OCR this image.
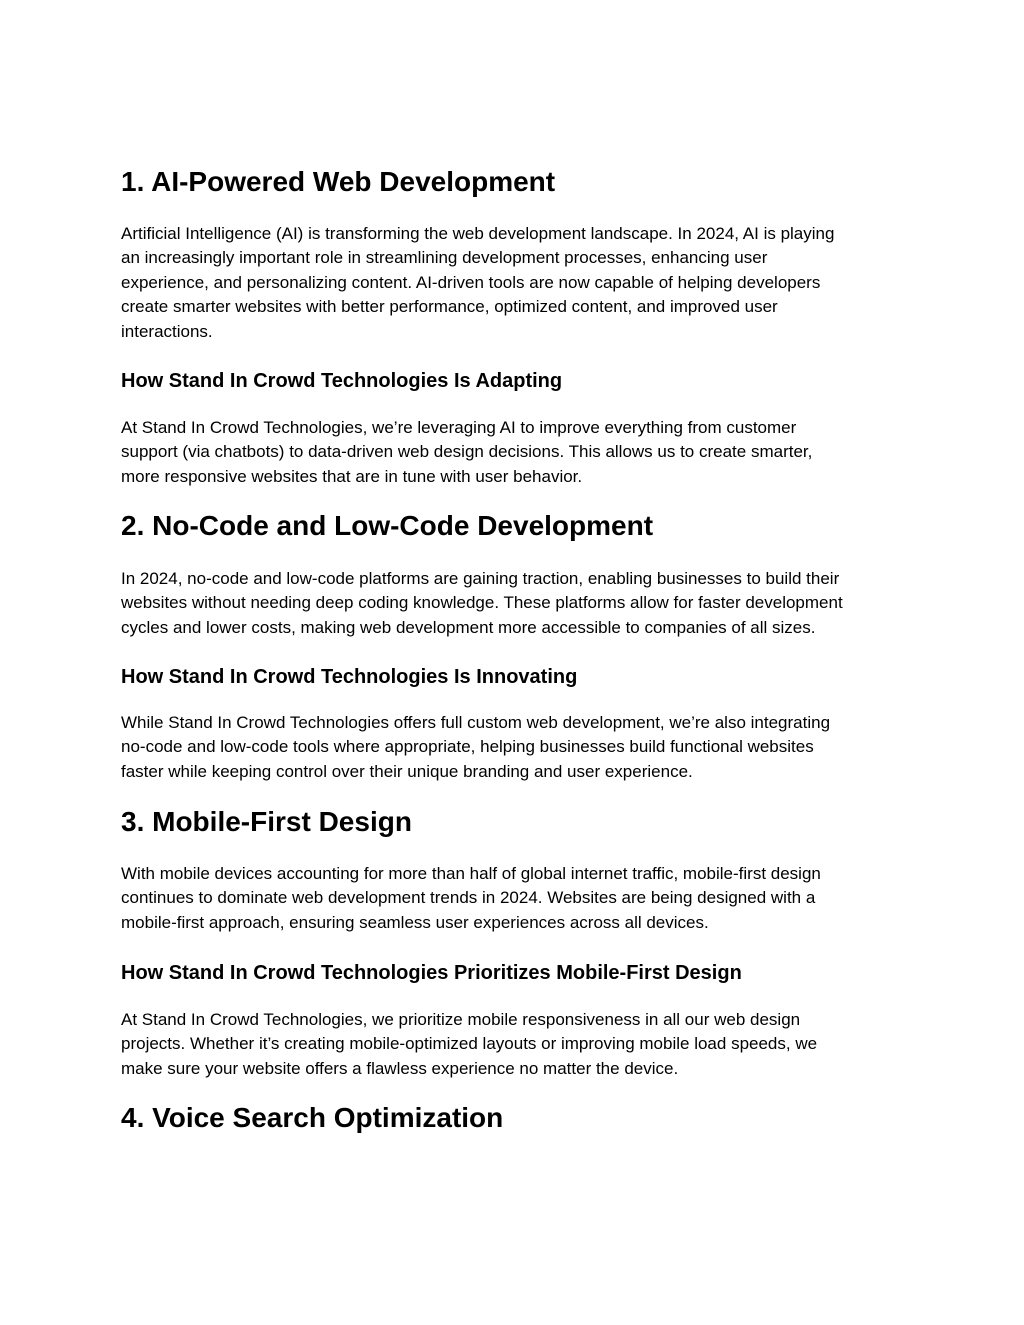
1. AI-Powered Web Development
Artificial Intelligence (AI) is transforming the web development landscape. In 2024, AI is playing
an increasingly important role in streamlining development processes, enhancing user
experience, and personalizing content. AI-driven tools are now capable of helping developers
create smarter websites with better performance, optimized content, and improved user
interactions.
How Stand In Crowd Technologies Is Adapting
At Stand In Crowd Technologies, we’re leveraging AI to improve everything from customer
support (via chatbots) to data-driven web design decisions. This allows us to create smarter,
more responsive websites that are in tune with user behavior.
2. No-Code and Low-Code Development
In 2024, no-code and low-code platforms are gaining traction, enabling businesses to build their
websites without needing deep coding knowledge. These platforms allow for faster development
cycles and lower costs, making web development more accessible to companies of all sizes.
How Stand In Crowd Technologies Is Innovating
While Stand In Crowd Technologies offers full custom web development, we’re also integrating
no-code and low-code tools where appropriate, helping businesses build functional websites
faster while keeping control over their unique branding and user experience.
3. Mobile-First Design
With mobile devices accounting for more than half of global internet traffic, mobile-first design
continues to dominate web development trends in 2024. Websites are being designed with a
mobile-first approach, ensuring seamless user experiences across all devices.
How Stand In Crowd Technologies Prioritizes Mobile-First Design
At Stand In Crowd Technologies, we prioritize mobile responsiveness in all our web design
projects. Whether it’s creating mobile-optimized layouts or improving mobile load speeds, we
make sure your website offers a flawless experience no matter the device.
4. Voice Search Optimization
